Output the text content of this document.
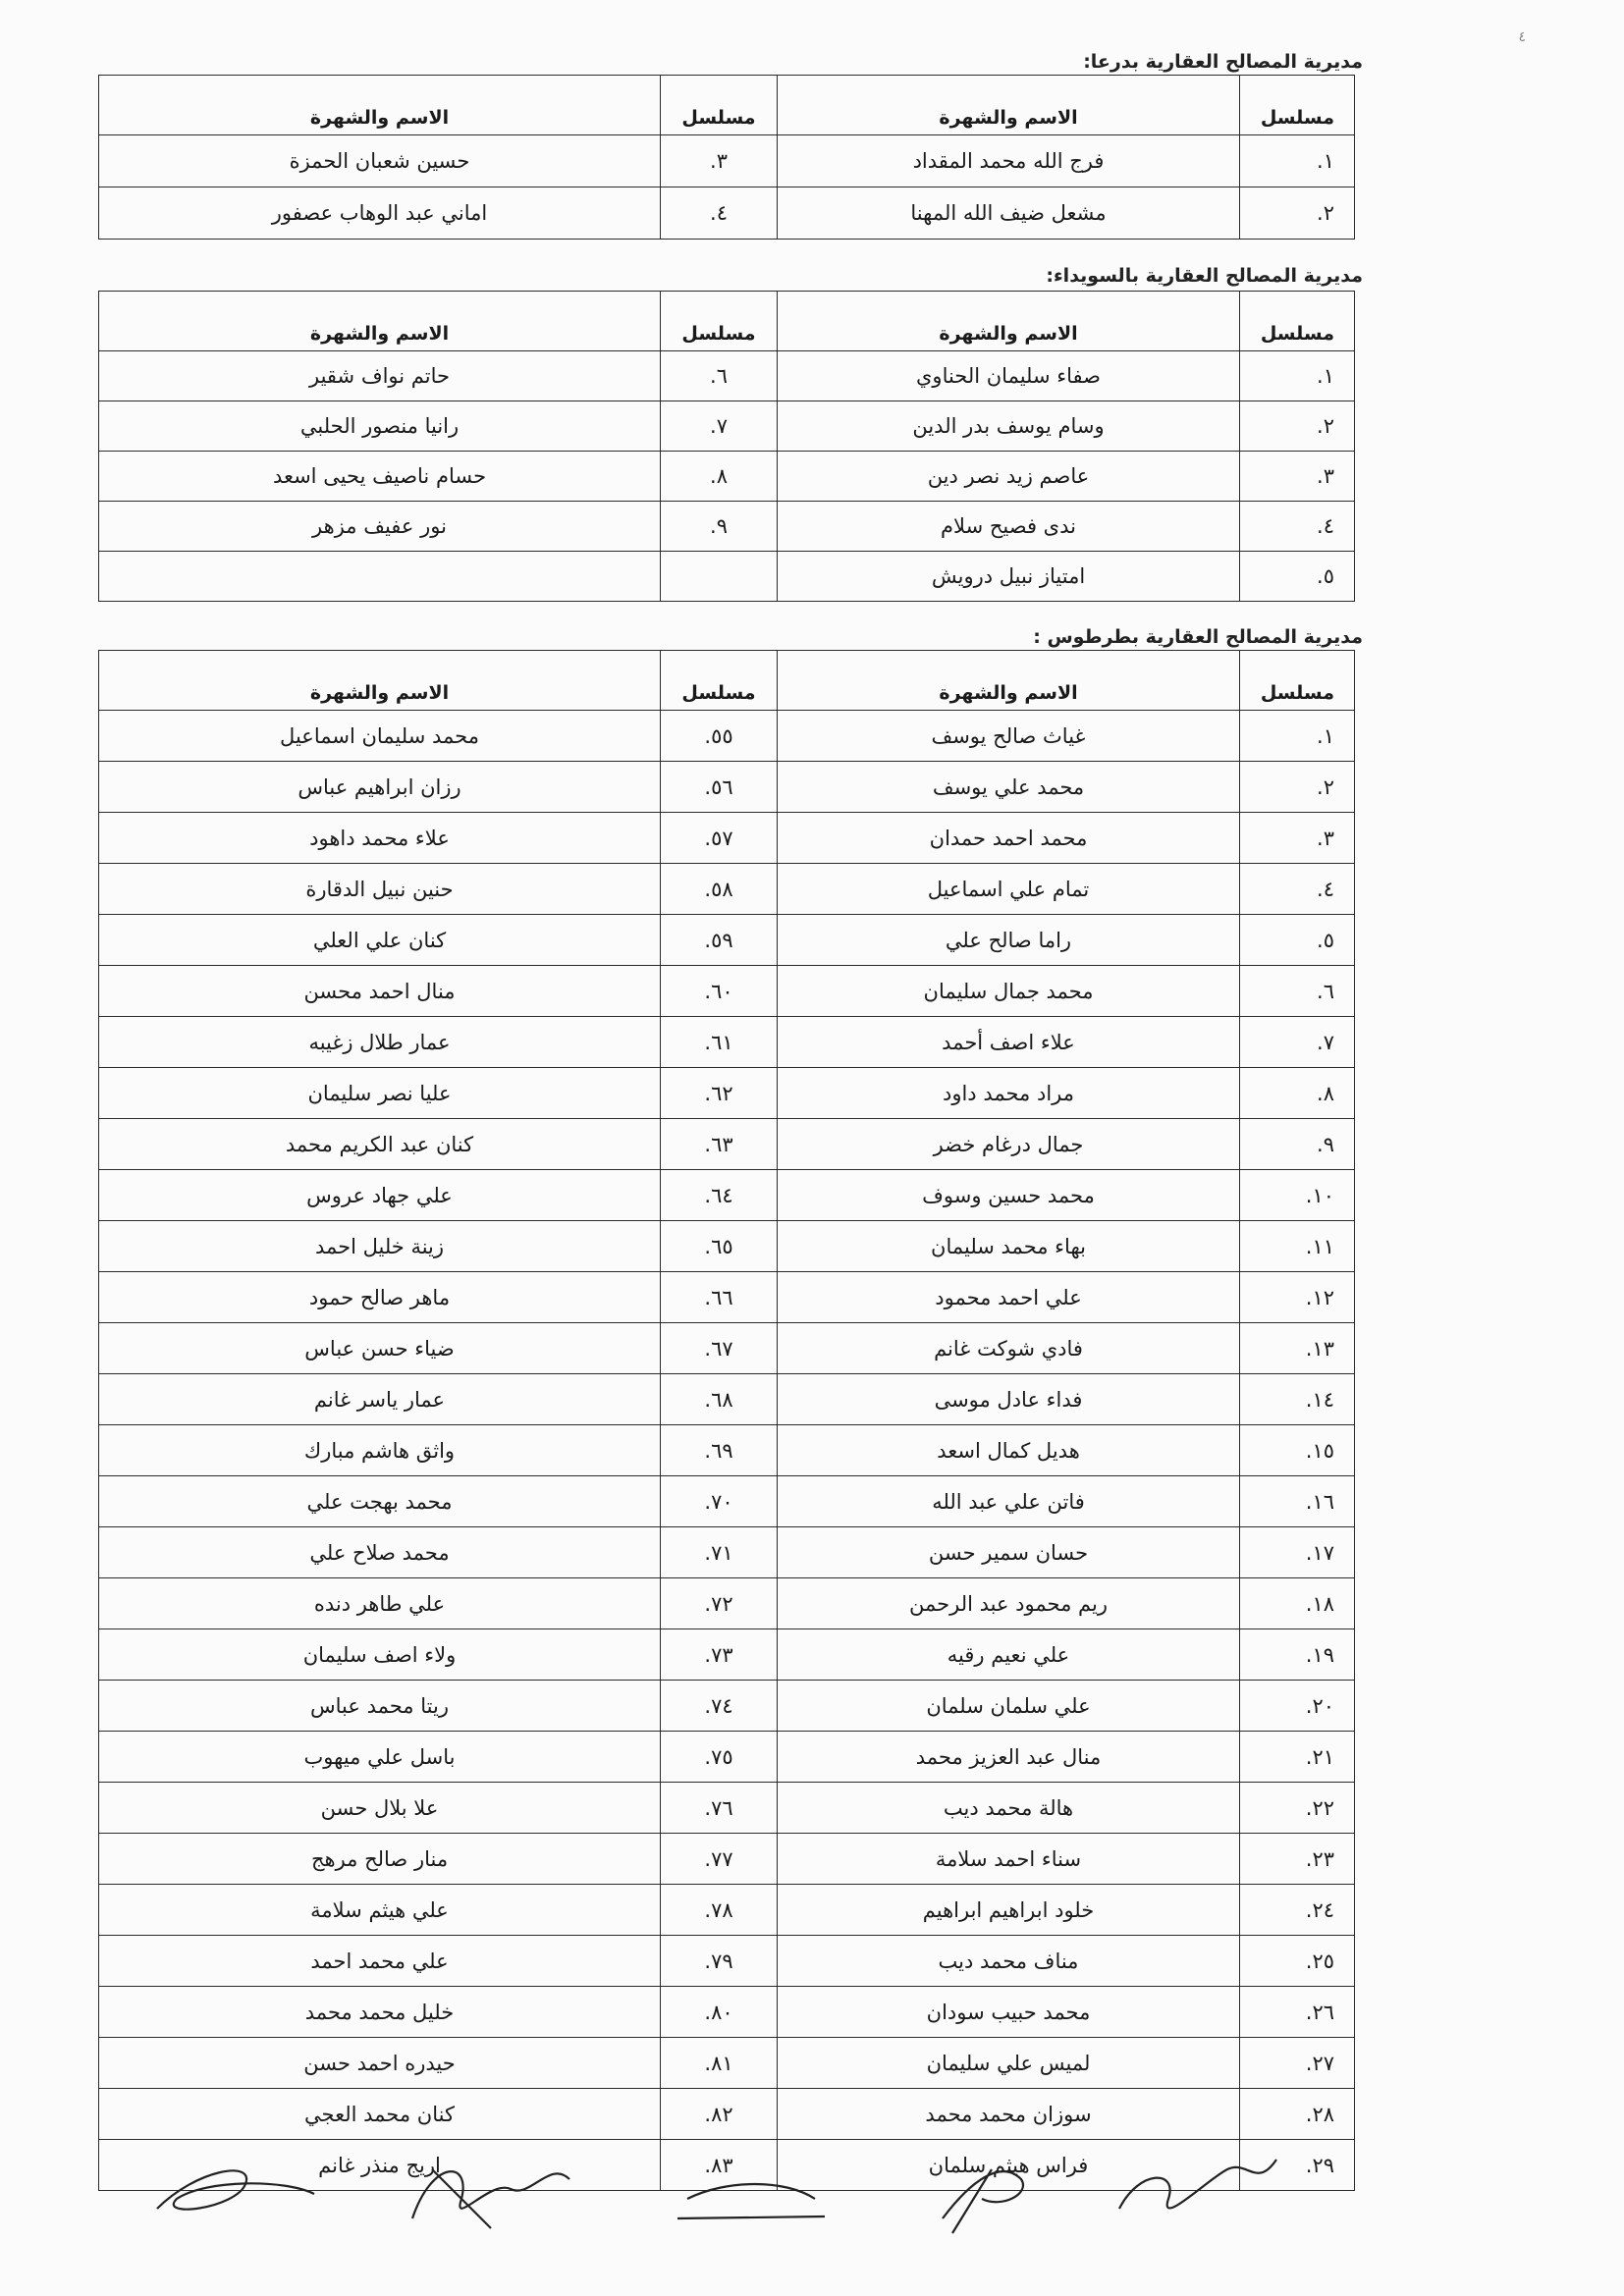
٤
مديرية المصالح العقارية بدرعا:
مسلسل	الاسم والشهرة	مسلسل	الاسم والشهرة
١.	فرج الله محمد المقداد	٣.	حسين شعبان الحمزة
٢.	مشعل ضيف الله المهنا	٤.	اماني عبد الوهاب عصفور
مديرية المصالح العقارية بالسويداء:
مسلسل	الاسم والشهرة	مسلسل	الاسم والشهرة
١.	صفاء سليمان الحناوي	٦.	حاتم نواف شقير
٢.	وسام يوسف بدر الدين	٧.	رانيا منصور الحلبي
٣.	عاصم زيد نصر دين	٨.	حسام ناصيف يحيى اسعد
٤.	ندى فصيح سلام	٩.	نور عفيف مزهر
٥.	امتياز نبيل درويش		
مديرية المصالح العقارية بطرطوس :
مسلسل	الاسم والشهرة	مسلسل	الاسم والشهرة
١.	غياث صالح يوسف	٥٥.	محمد سليمان اسماعيل
٢.	محمد علي يوسف	٥٦.	رزان ابراهيم عباس
٣.	محمد احمد حمدان	٥٧.	علاء محمد داهود
٤.	تمام علي اسماعيل	٥٨.	حنين نبيل الدقارة
٥.	راما صالح علي	٥٩.	كنان علي العلي
٦.	محمد جمال سليمان	٦٠.	منال احمد محسن
٧.	علاء اصف أحمد	٦١.	عمار طلال زغيبه
٨.	مراد محمد داود	٦٢.	عليا نصر سليمان
٩.	جمال درغام خضر	٦٣.	كنان عبد الكريم محمد
١٠.	محمد حسين وسوف	٦٤.	علي جهاد عروس
١١.	بهاء محمد سليمان	٦٥.	زينة خليل احمد
١٢.	علي احمد محمود	٦٦.	ماهر صالح حمود
١٣.	فادي شوكت غانم	٦٧.	ضياء حسن عباس
١٤.	فداء عادل موسى	٦٨.	عمار ياسر غانم
١٥.	هديل كمال اسعد	٦٩.	واثق هاشم مبارك
١٦.	فاتن علي عبد الله	٧٠.	محمد بهجت علي
١٧.	حسان سمير حسن	٧١.	محمد صلاح علي
١٨.	ريم محمود عبد الرحمن	٧٢.	علي طاهر دنده
١٩.	علي نعيم رقيه	٧٣.	ولاء اصف سليمان
٢٠.	علي سلمان سلمان	٧٤.	ريتا محمد عباس
٢١.	منال عبد العزيز محمد	٧٥.	باسل علي ميهوب
٢٢.	هالة محمد ديب	٧٦.	علا بلال حسن
٢٣.	سناء احمد سلامة	٧٧.	منار صالح مرهج
٢٤.	خلود ابراهيم ابراهيم	٧٨.	علي هيثم سلامة
٢٥.	مناف محمد ديب	٧٩.	علي محمد احمد
٢٦.	محمد حبيب سودان	٨٠.	خليل محمد محمد
٢٧.	لميس علي سليمان	٨١.	حيدره احمد حسن
٢٨.	سوزان محمد محمد	٨٢.	كنان محمد العجي
٢٩.	فراس هيثم سلمان	٨٣.	اريج منذر غانم
